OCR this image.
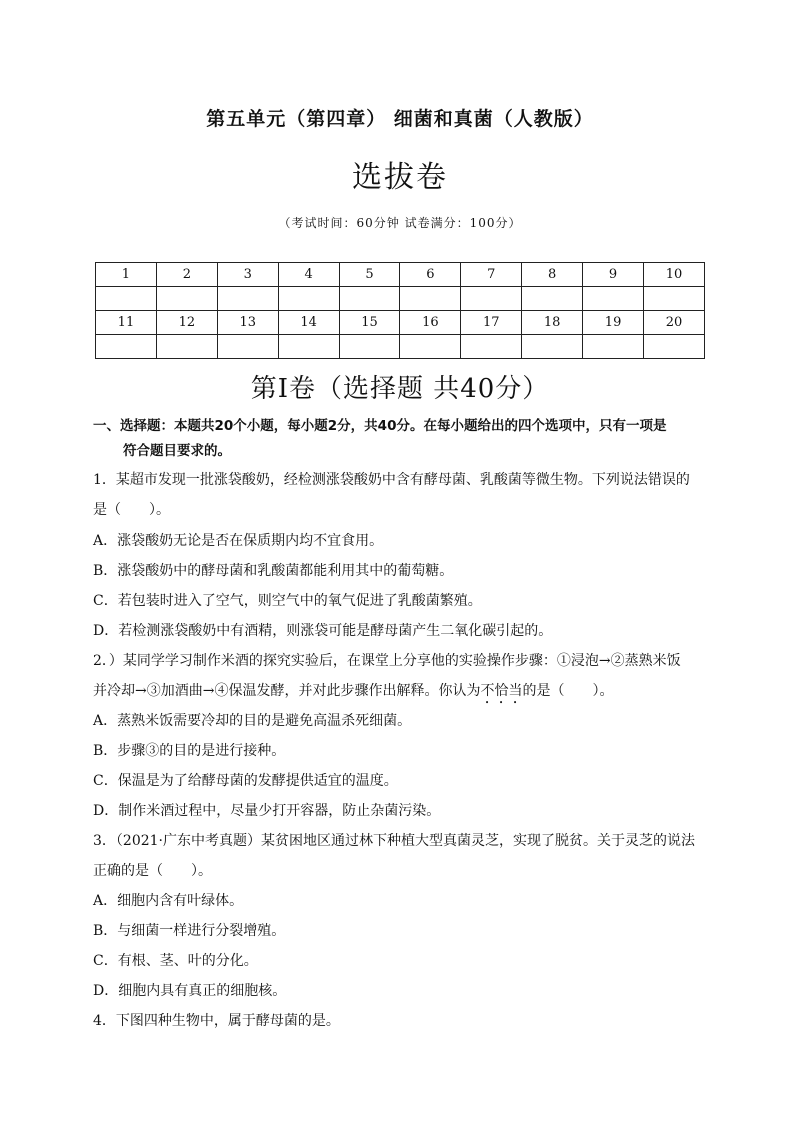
第五单元（第四章） 细菌和真菌（人教版）
选拔卷
（考试时间：60分钟 试卷满分：100分）
1	2	3	4	5	6	7	8	9	10

11	12	13	14	15	16	17	18	19	20

第Ⅰ卷（选择题 共40分）
一、选择题：本题共20个小题，每小题2分，共40分。在每小题给出的四个选项中，只有一项是
符合题目要求的。
1．某超市发现一批涨袋酸奶，经检测涨袋酸奶中含有酵母菌、乳酸菌等微生物。下列说法错误的
是（　　）。
A．涨袋酸奶无论是否在保质期内均不宜食用。
B．涨袋酸奶中的酵母菌和乳酸菌都能利用其中的葡萄糖。
C．若包装时进入了空气，则空气中的氧气促进了乳酸菌繁殖。
D．若检测涨袋酸奶中有酒精，则涨袋可能是酵母菌产生二氧化碳引起的。
2．）某同学学习制作米酒的探究实验后，在课堂上分享他的实验操作步骤：①浸泡→②蒸熟米饭
并冷却→③加酒曲→④保温发酵，并对此步骤作出解释。你认为不恰当的是（　　）。
A．蒸熟米饭需要冷却的目的是避免高温杀死细菌。
B．步骤③的目的是进行接种。
C．保温是为了给酵母菌的发酵提供适宜的温度。
D．制作米酒过程中，尽量少打开容器，防止杂菌污染。
3．（2021·广东中考真题）某贫困地区通过林下种植大型真菌灵芝，实现了脱贫。关于灵芝的说法
正确的是（　　）。
A．细胞内含有叶绿体。
B．与细菌一样进行分裂增殖。
C．有根、茎、叶的分化。
D．细胞内具有真正的细胞核。
4．下图四种生物中，属于酵母菌的是。
